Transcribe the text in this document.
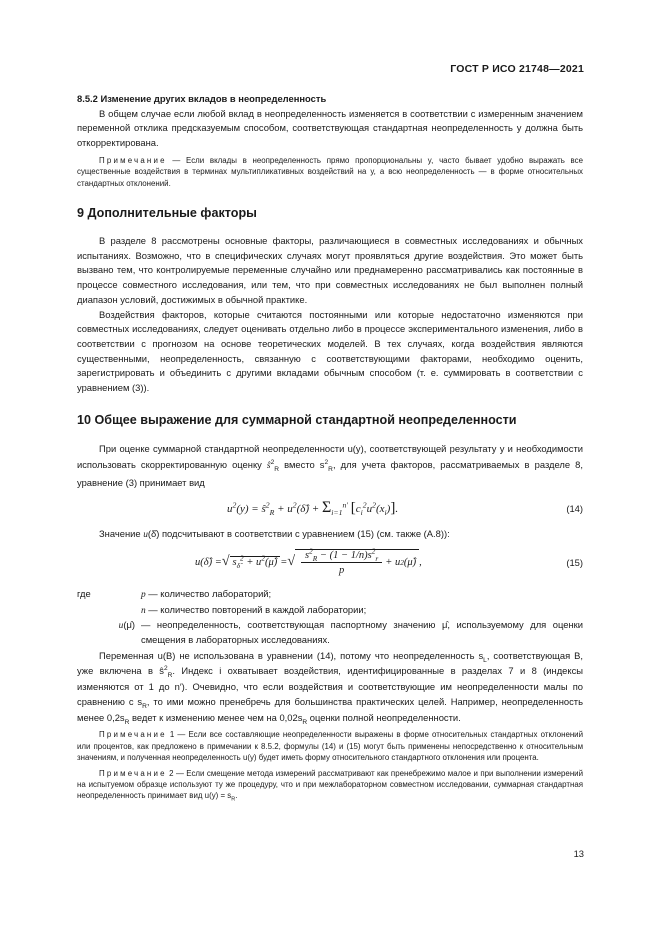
ГОСТ Р ИСО 21748—2021

8.5.2 Изменение других вкладов в неопределенность

В общем случае если любой вклад в неопределенность изменяется в соответствии с измеренным значением переменной отклика предсказуемым способом, соответствующая стандартная неопределенность y должна быть откорректирована.

Примечание — Если вклады в неопределенность прямо пропорциональны y, часто бывает удобно выражать все существенные воздействия в терминах мультипликативных воздействий на y, а всю неопределенность — в форме относительных стандартных отклонений.

9 Дополнительные факторы

В разделе 8 рассмотрены основные факторы, различающиеся в совместных исследованиях и обычных испытаниях. Возможно, что в специфических случаях могут проявляться другие воздействия. Это может быть вызвано тем, что контролируемые переменные случайно или преднамеренно рассматривались как постоянные в процессе совместного исследования, или тем, что при совместных исследованиях не был выполнен полный диапазон условий, достижимых в обычной практике.

Воздействия факторов, которые считаются постоянными или которые недостаточно изменяются при совместных исследованиях, следует оценивать отдельно либо в процессе экспериментального изменения, либо в соответствии с прогнозом на основе теоретических моделей. В тех случаях, когда воздействия являются существенными, неопределенность, связанную с соответствующими факторами, необходимо оценить, зарегистрировать и объединить с другими вкладами обычным способом (т. е. суммировать в соответствии с уравнением (3)).

10 Общее выражение для суммарной стандартной неопределенности

При оценке суммарной стандартной неопределенности u(y), соответствующей результату y и необходимости использовать скорректированную оценку $ŝ^2_R$ вместо $s^2_R$, для учета факторов, рассматриваемых в разделе 8, уравнение (3) принимает вид

$u^2(y)$ = $ŝ^2_R$ + $u^2(\deltâ) + \Sigma_{i=1}^{n'}$ $[c_i^2u^2(x_i)]$.	(14)

Значение u(δ̂) подсчитывают в соответствии с уравнением (15) (см. также (А.8)):

u(δ̂) = √ $s_{\deltâ}^2$ + $u^2(\mû)$ = √ $\frac{s^2_R - (1 - 1/n)s^2_r}{p} + u$ 2 (μ̂) ,	(15)
где	p — количество лабораторий;
n — количество повторений в каждой лаборатории;
u(μ̂) — неопределенность, соответствующая паспортному значению μ̂, используемому для оценки смещения в лабораторных исследованиях.

Переменная u(B) не использована в уравнении (14), потому что неопределенность $s_L$, соответствующая B, уже включена в $ŝ^2_R$. Индекс i охватывает воздействия, идентифицированные в разделах 7 и 8 (индексы изменяются от 1 до n′). Очевидно, что если воздействия и соответствующие им неопределенности малы по сравнению с $s_R$, то ими можно пренебречь для большинства практических целей. Например, неопределенность менее $0,2s_R$ ведет к изменению менее чем на $0,02s_R$ оценки полной неопределенности.

Примечание 1 — Если все составляющие неопределенности выражены в форме относительных стандартных отклонений или процентов, как предложено в примечании к 8.5.2, формулы (14) и (15) могут быть применены непосредственно к относительным значениям, и полученная неопределенность u(y) будет иметь форму относительного стандартного отклонения или процента.

Примечание 2 — Если смещение метода измерений рассматривают как пренебрежимо малое и при выполнении измерений на испытуемом образце используют ту же процедуру, что и при межлабораторном совместном исследовании, суммарная стандартная неопределенность принимает вид $u(y) = s_R$.

13
